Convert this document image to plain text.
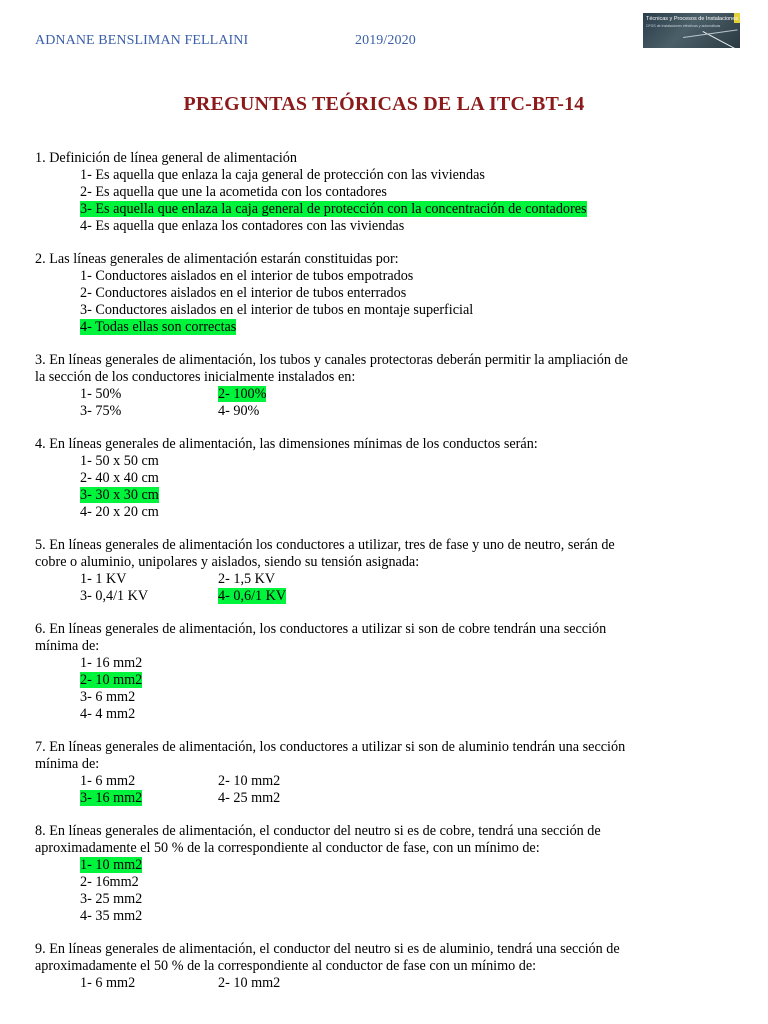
ADNANE BENSLIMAN FELLAINI	2019/2020
Técnicas y Procesos de Instalaciones
CFGS de Instalaciones eléctricas y automáticas
PREGUNTAS TEÓRICAS DE LA ITC-BT-14
1. Definición de línea general de alimentación
1- Es aquella que enlaza la caja general de protección con las viviendas
2- Es aquella que une la acometida con los contadores
3- Es aquella que enlaza la caja general de protección con la concentración de contadores
4- Es aquella que enlaza los contadores con las viviendas
2. Las líneas generales de alimentación estarán constituidas por:
1- Conductores aislados en el interior de tubos empotrados
2- Conductores aislados en el interior de tubos enterrados
3- Conductores aislados en el interior de tubos en montaje superficial
4- Todas ellas son correctas
3. En líneas generales de alimentación, los tubos y canales protectoras deberán permitir la ampliación de
la sección de los conductores inicialmente instalados en:
1- 50%	2- 100%
3- 75%	4- 90%
4. En líneas generales de alimentación, las dimensiones mínimas de los conductos serán:
1- 50 x 50 cm
2- 40 x 40 cm
3- 30 x 30 cm
4- 20 x 20 cm
5. En líneas generales de alimentación los conductores a utilizar, tres de fase y uno de neutro, serán de
cobre o aluminio, unipolares y aislados, siendo su tensión asignada:
1- 1 KV	2- 1,5 KV
3- 0,4/1 KV	4- 0,6/1 KV
6. En líneas generales de alimentación, los conductores a utilizar si son de cobre tendrán una sección
mínima de:
1- 16 mm2
2- 10 mm2
3- 6 mm2
4- 4 mm2
7. En líneas generales de alimentación, los conductores a utilizar si son de aluminio tendrán una sección
mínima de:
1- 6 mm2	2- 10 mm2
3- 16 mm2	4- 25 mm2
8. En líneas generales de alimentación, el conductor del neutro si es de cobre, tendrá una sección de
aproximadamente el 50 % de la correspondiente al conductor de fase, con un mínimo de:
1- 10 mm2
2- 16mm2
3- 25 mm2
4- 35 mm2
9. En líneas generales de alimentación, el conductor del neutro si es de aluminio, tendrá una sección de
aproximadamente el 50 % de la correspondiente al conductor de fase con un mínimo de:
1- 6 mm2	2- 10 mm2
